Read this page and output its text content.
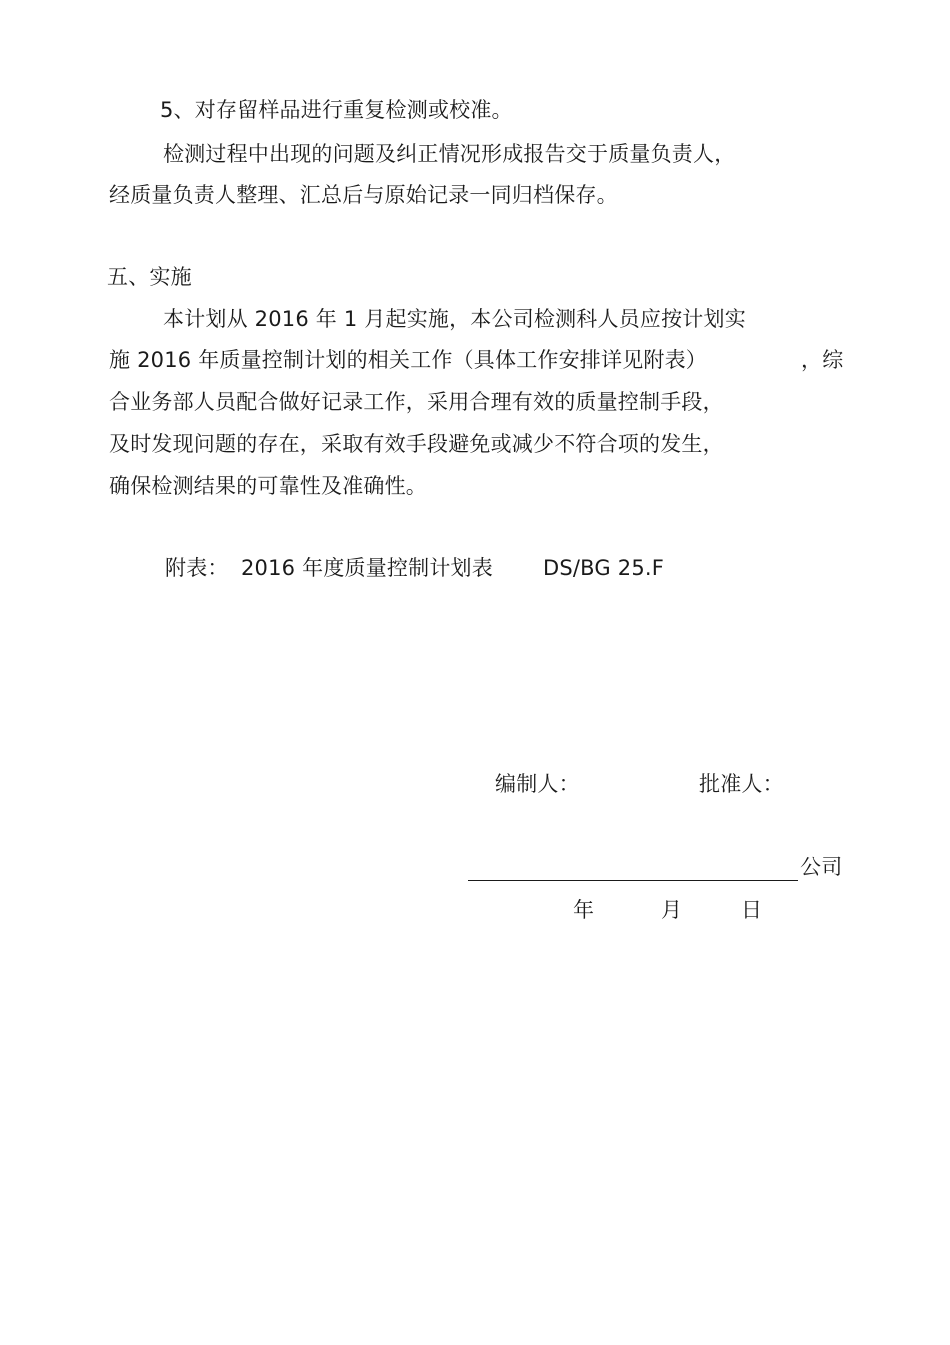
5、对存留样品进行重复检测或校准。
检测过程中出现的问题及纠正情况形成报告交于质量负责人，
经质量负责人整理、汇总后与原始记录一同归档保存。
五、实施
本计划从 2016 年 1 月起实施，本公司检测科人员应按计划实
施 2016 年质量控制计划的相关工作（具体工作安排详见附表）	，综
合业务部人员配合做好记录工作，采用合理有效的质量控制手段，
及时发现问题的存在，采取有效手段避免或减少不符合项的发生，
确保检测结果的可靠性及准确性。
附表： 2016 年度质量控制计划表 DS/BG 25.F
编制人：	批准人：
公司
年	月	日
